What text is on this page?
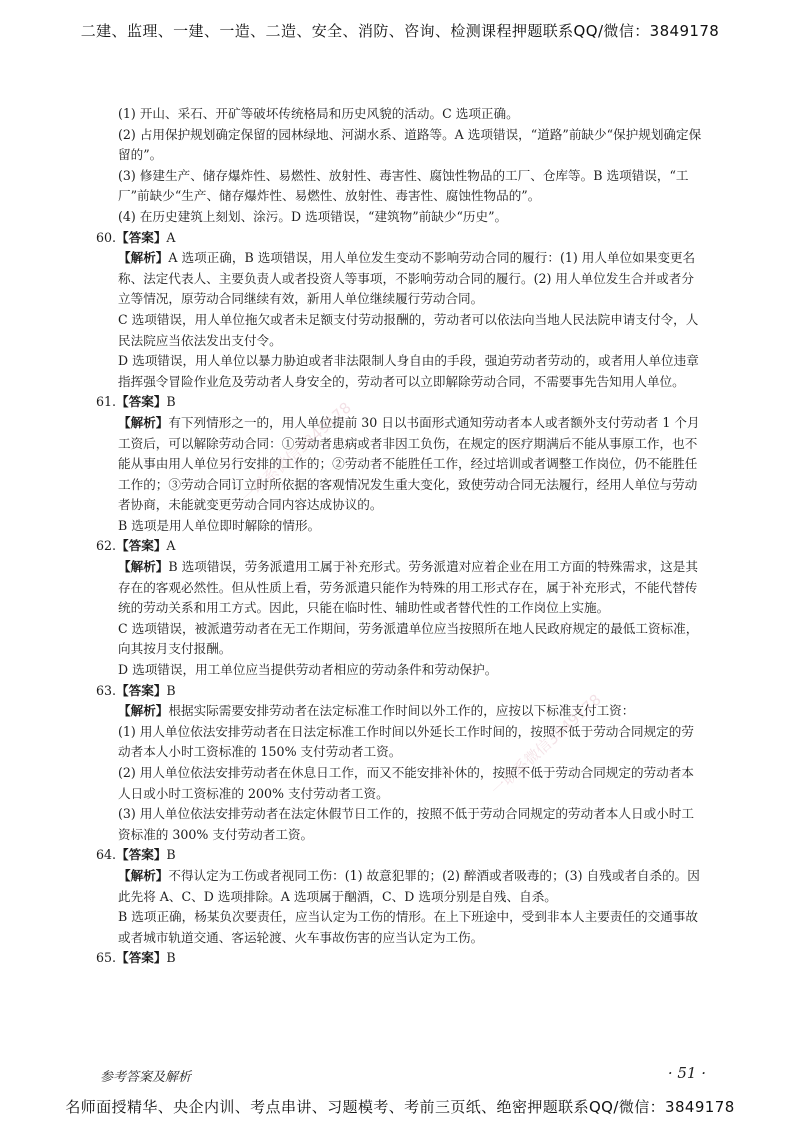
二建、监理、一建、一造、二造、安全、消防、咨询、检测课程押题联系QQ/微信：3849178

(1) 开山、采石、开矿等破坏传统格局和历史风貌的活动。C 选项正确。

(2) 占用保护规划确定保留的园林绿地、河湖水系、道路等。A 选项错误，“道路”前缺少“保护规划确定保留的”。

(3) 修建生产、储存爆炸性、易燃性、放射性、毒害性、腐蚀性物品的工厂、仓库等。B 选项错误，“工厂”前缺少“生产、储存爆炸性、易燃性、放射性、毒害性、腐蚀性物品的”。

(4) 在历史建筑上刻划、涂污。D 选项错误，“建筑物”前缺少“历史”。

60.【答案】A

【解析】A 选项正确，B 选项错误，用人单位发生变动不影响劳动合同的履行：(1) 用人单位如果变更名称、法定代表人、主要负责人或者投资人等事项，不影响劳动合同的履行。(2) 用人单位发生合并或者分立等情况，原劳动合同继续有效，新用人单位继续履行劳动合同。

C 选项错误，用人单位拖欠或者未足额支付劳动报酬的，劳动者可以依法向当地人民法院申请支付令，人民法院应当依法发出支付令。

D 选项错误，用人单位以暴力胁迫或者非法限制人身自由的手段，强迫劳动者劳动的，或者用人单位违章指挥强令冒险作业危及劳动者人身安全的，劳动者可以立即解除劳动合同，不需要事先告知用人单位。

61.【答案】B

【解析】有下列情形之一的，用人单位提前 30 日以书面形式通知劳动者本人或者额外支付劳动者 1 个月工资后，可以解除劳动合同：①劳动者患病或者非因工负伤，在规定的医疗期满后不能从事原工作，也不能从事由用人单位另行安排的工作的；②劳动者不能胜任工作，经过培训或者调整工作岗位，仍不能胜任工作的；③劳动合同订立时所依据的客观情况发生重大变化，致使劳动合同无法履行，经用人单位与劳动者协商，未能就变更劳动合同内容达成协议的。

B 选项是用人单位即时解除的情形。

62.【答案】A

【解析】B 选项错误，劳务派遣用工属于补充形式。劳务派遣对应着企业在用工方面的特殊需求，这是其存在的客观必然性。但从性质上看，劳务派遣只能作为特殊的用工形式存在，属于补充形式，不能代替传统的劳动关系和用工方式。因此，只能在临时性、辅助性或者替代性的工作岗位上实施。

C 选项错误，被派遣劳动者在无工作期间，劳务派遣单位应当按照所在地人民政府规定的最低工资标准，向其按月支付报酬。

D 选项错误，用工单位应当提供劳动者相应的劳动条件和劳动保护。

63.【答案】B

【解析】根据实际需要安排劳动者在法定标准工作时间以外工作的，应按以下标准支付工资：

(1) 用人单位依法安排劳动者在日法定标准工作时间以外延长工作时间的，按照不低于劳动合同规定的劳动者本人小时工资标准的 150% 支付劳动者工资。

(2) 用人单位依法安排劳动者在休息日工作，而又不能安排补休的，按照不低于劳动合同规定的劳动者本人日或小时工资标准的 200% 支付劳动者工资。

(3) 用人单位依法安排劳动者在法定休假节日工作的，按照不低于劳动合同规定的劳动者本人日或小时工资标准的 300% 支付劳动者工资。

64.【答案】B

【解析】不得认定为工伤或者视同工伤：(1) 故意犯罪的；(2) 醉酒或者吸毒的；(3) 自残或者自杀的。因此先将 A、C、D 选项排除。A 选项属于酗酒，C、D 选项分别是自残、自杀。

B 选项正确，杨某负次要责任，应当认定为工伤的情形。在上下班途中，受到非本人主要责任的交通事故或者城市轨道交通、客运轮渡、火车事故伤害的应当认定为工伤。

65.【答案】B

一联系微信3849178
一联系微信3849178
参考答案及解析	· 51 ·
名师面授精华、央企内训、考点串讲、习题模考、考前三页纸、绝密押题联系QQ/微信：3849178
